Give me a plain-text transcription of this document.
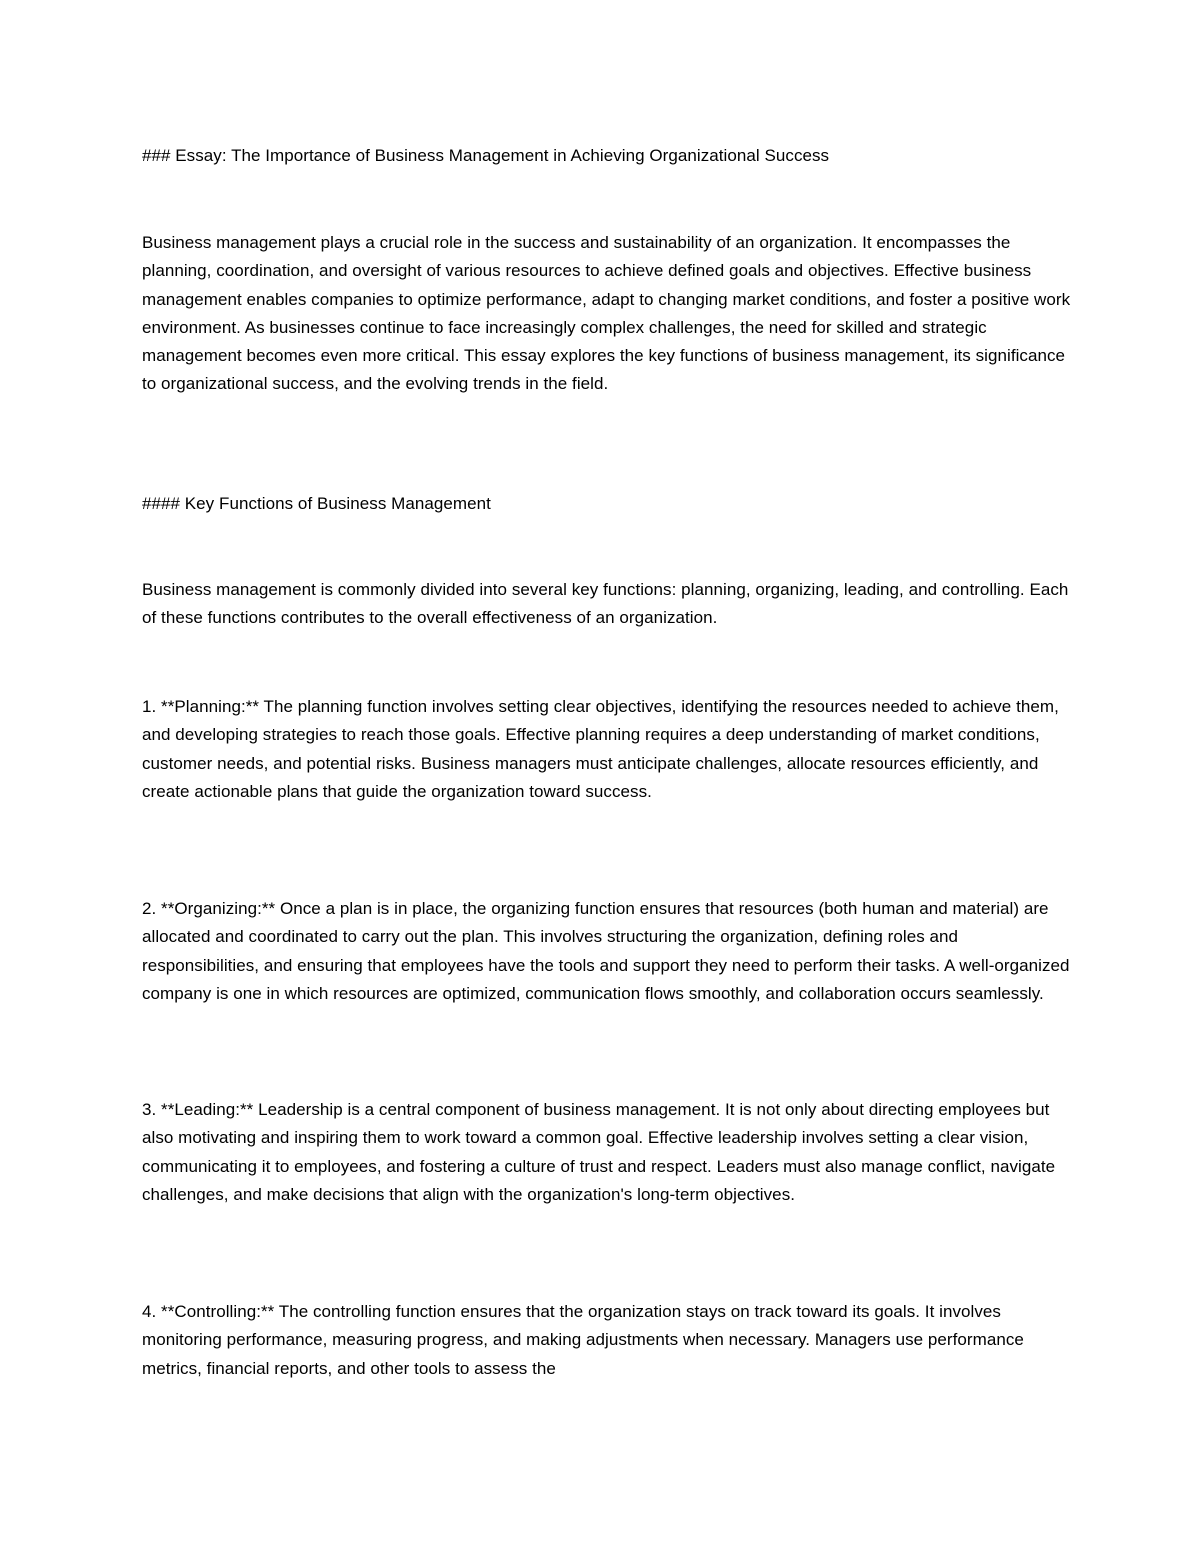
### Essay: The Importance of Business Management in Achieving Organizational Success

Business management plays a crucial role in the success and sustainability of an organization. It encompasses the planning, coordination, and oversight of various resources to achieve defined goals and objectives. Effective business management enables companies to optimize performance, adapt to changing market conditions, and foster a positive work environment. As businesses continue to face increasingly complex challenges, the need for skilled and strategic management becomes even more critical. This essay explores the key functions of business management, its significance to organizational success, and the evolving trends in the field.

#### Key Functions of Business Management

Business management is commonly divided into several key functions: planning, organizing, leading, and controlling. Each of these functions contributes to the overall effectiveness of an organization.

1. **Planning:** The planning function involves setting clear objectives, identifying the resources needed to achieve them, and developing strategies to reach those goals. Effective planning requires a deep understanding of market conditions, customer needs, and potential risks. Business managers must anticipate challenges, allocate resources efficiently, and create actionable plans that guide the organization toward success.

2. **Organizing:** Once a plan is in place, the organizing function ensures that resources (both human and material) are allocated and coordinated to carry out the plan. This involves structuring the organization, defining roles and responsibilities, and ensuring that employees have the tools and support they need to perform their tasks. A well-organized company is one in which resources are optimized, communication flows smoothly, and collaboration occurs seamlessly.

3. **Leading:** Leadership is a central component of business management. It is not only about directing employees but also motivating and inspiring them to work toward a common goal. Effective leadership involves setting a clear vision, communicating it to employees, and fostering a culture of trust and respect. Leaders must also manage conflict, navigate challenges, and make decisions that align with the organization's long-term objectives.

4. **Controlling:** The controlling function ensures that the organization stays on track toward its goals. It involves monitoring performance, measuring progress, and making adjustments when necessary. Managers use performance metrics, financial reports, and other tools to assess the
